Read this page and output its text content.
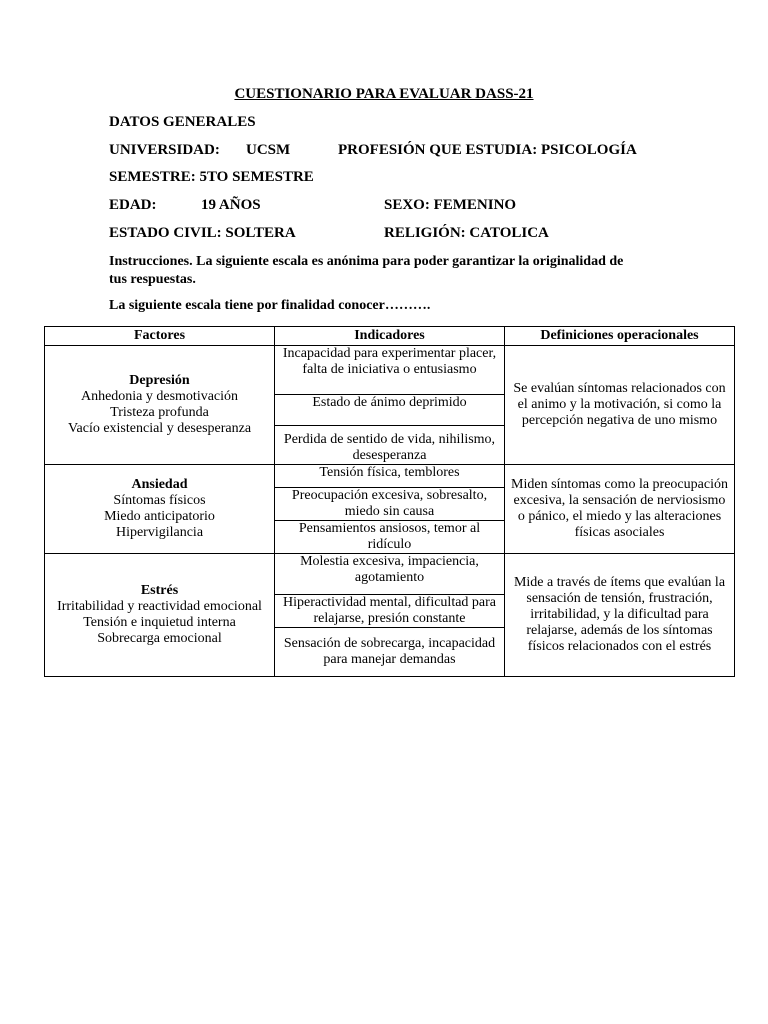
CUESTIONARIO PARA EVALUAR DASS-21
DATOS GENERALES
UNIVERSIDAD: UCSM	PROFESIÓN QUE ESTUDIA: PSICOLOGÍA
SEMESTRE: 5TO SEMESTRE
EDAD:	19 AÑOS	SEXO: FEMENINO
ESTADO CIVIL: SOLTERA	RELIGIÓN: CATOLICA
Instrucciones. La siguiente escala es anónima para poder garantizar la originalidad de tus respuestas.
La siguiente escala tiene por finalidad conocer……….
Factores	Indicadores	Definiciones operacionales

Depresión
Anhedonia y desmotivación
Tristeza profunda
Vacío existencial y desesperanza	Incapacidad para experimentar placer, falta de iniciativa o entusiasmo	Se evalúan síntomas relacionados con el animo y la motivación, si como la percepción negativa de uno mismo
	Estado de ánimo deprimido	
	Perdida de sentido de vida, nihilismo, desesperanza	

Ansiedad
Síntomas físicos
Miedo anticipatorio
Hipervigilancia	Tensión física, temblores	Miden síntomas como la preocupación excesiva, la sensación de nerviosismo o pánico, el miedo y las alteraciones físicas asociales
	Preocupación excesiva, sobresalto, miedo sin causa	
	Pensamientos ansiosos, temor al ridículo	

Estrés
Irritabilidad y reactividad emocional
Tensión e inquietud interna
Sobrecarga emocional	Molestia excesiva, impaciencia, agotamiento	Mide a través de ítems que evalúan la sensación de tensión, frustración, irritabilidad, y la dificultad para relajarse, además de los síntomas físicos relacionados con el estrés
	Hiperactividad mental, dificultad para relajarse, presión constante	
	Sensación de sobrecarga, incapacidad para manejar demandas	
